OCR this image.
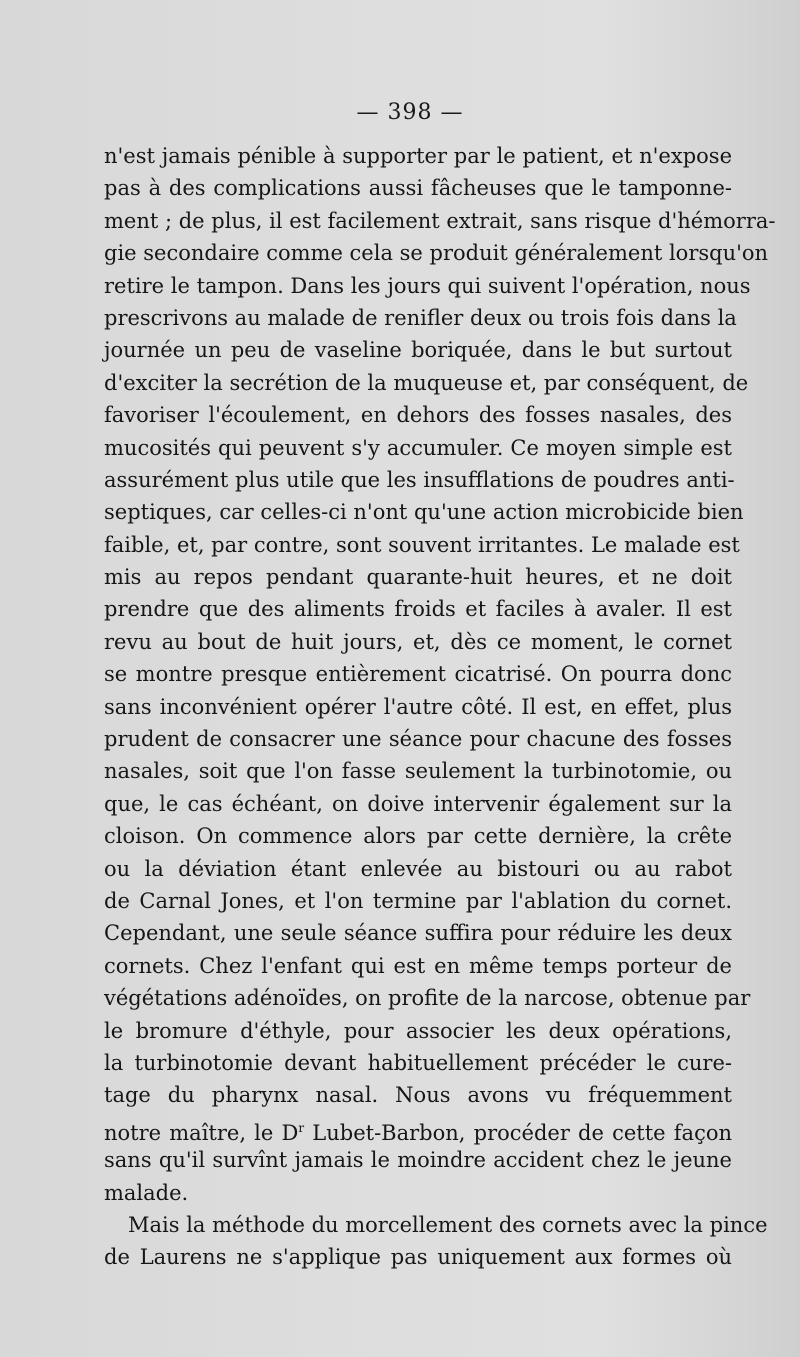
— 398 —
n'est jamais pénible à supporter par le patient, et n'expose
pas à des complications aussi fâcheuses que le tamponne-
ment ; de plus, il est facilement extrait, sans risque d'hémorra-
gie secondaire comme cela se produit généralement lorsqu'on
retire le tampon. Dans les jours qui suivent l'opération, nous
prescrivons au malade de renifler deux ou trois fois dans la
journée un peu de vaseline boriquée, dans le but surtout
d'exciter la secrétion de la muqueuse et, par conséquent, de
favoriser l'écoulement, en dehors des fosses nasales, des
mucosités qui peuvent s'y accumuler. Ce moyen simple est
assurément plus utile que les insufflations de poudres anti-
septiques, car celles-ci n'ont qu'une action microbicide bien
faible, et, par contre, sont souvent irritantes. Le malade est
mis au repos pendant quarante-huit heures, et ne doit
prendre que des aliments froids et faciles à avaler. Il est
revu au bout de huit jours, et, dès ce moment, le cornet
se montre presque entièrement cicatrisé. On pourra donc
sans inconvénient opérer l'autre côté. Il est, en effet, plus
prudent de consacrer une séance pour chacune des fosses
nasales, soit que l'on fasse seulement la turbinotomie, ou
que, le cas échéant, on doive intervenir également sur la
cloison. On commence alors par cette dernière, la crête
ou la déviation étant enlevée au bistouri ou au rabot
de Carnal Jones, et l'on termine par l'ablation du cornet.
Cependant, une seule séance suffira pour réduire les deux
cornets. Chez l'enfant qui est en même temps porteur de
végétations adénoïdes, on profite de la narcose, obtenue par
le bromure d'éthyle, pour associer les deux opérations,
la turbinotomie devant habituellement précéder le cure-
tage du pharynx nasal. Nous avons vu fréquemment
notre maître, le $D^r$ Lubet-Barbon, procéder de cette façon
sans qu'il survînt jamais le moindre accident chez le jeune
malade.
Mais la méthode du morcellement des cornets avec la pince
de Laurens ne s'applique pas uniquement aux formes où
